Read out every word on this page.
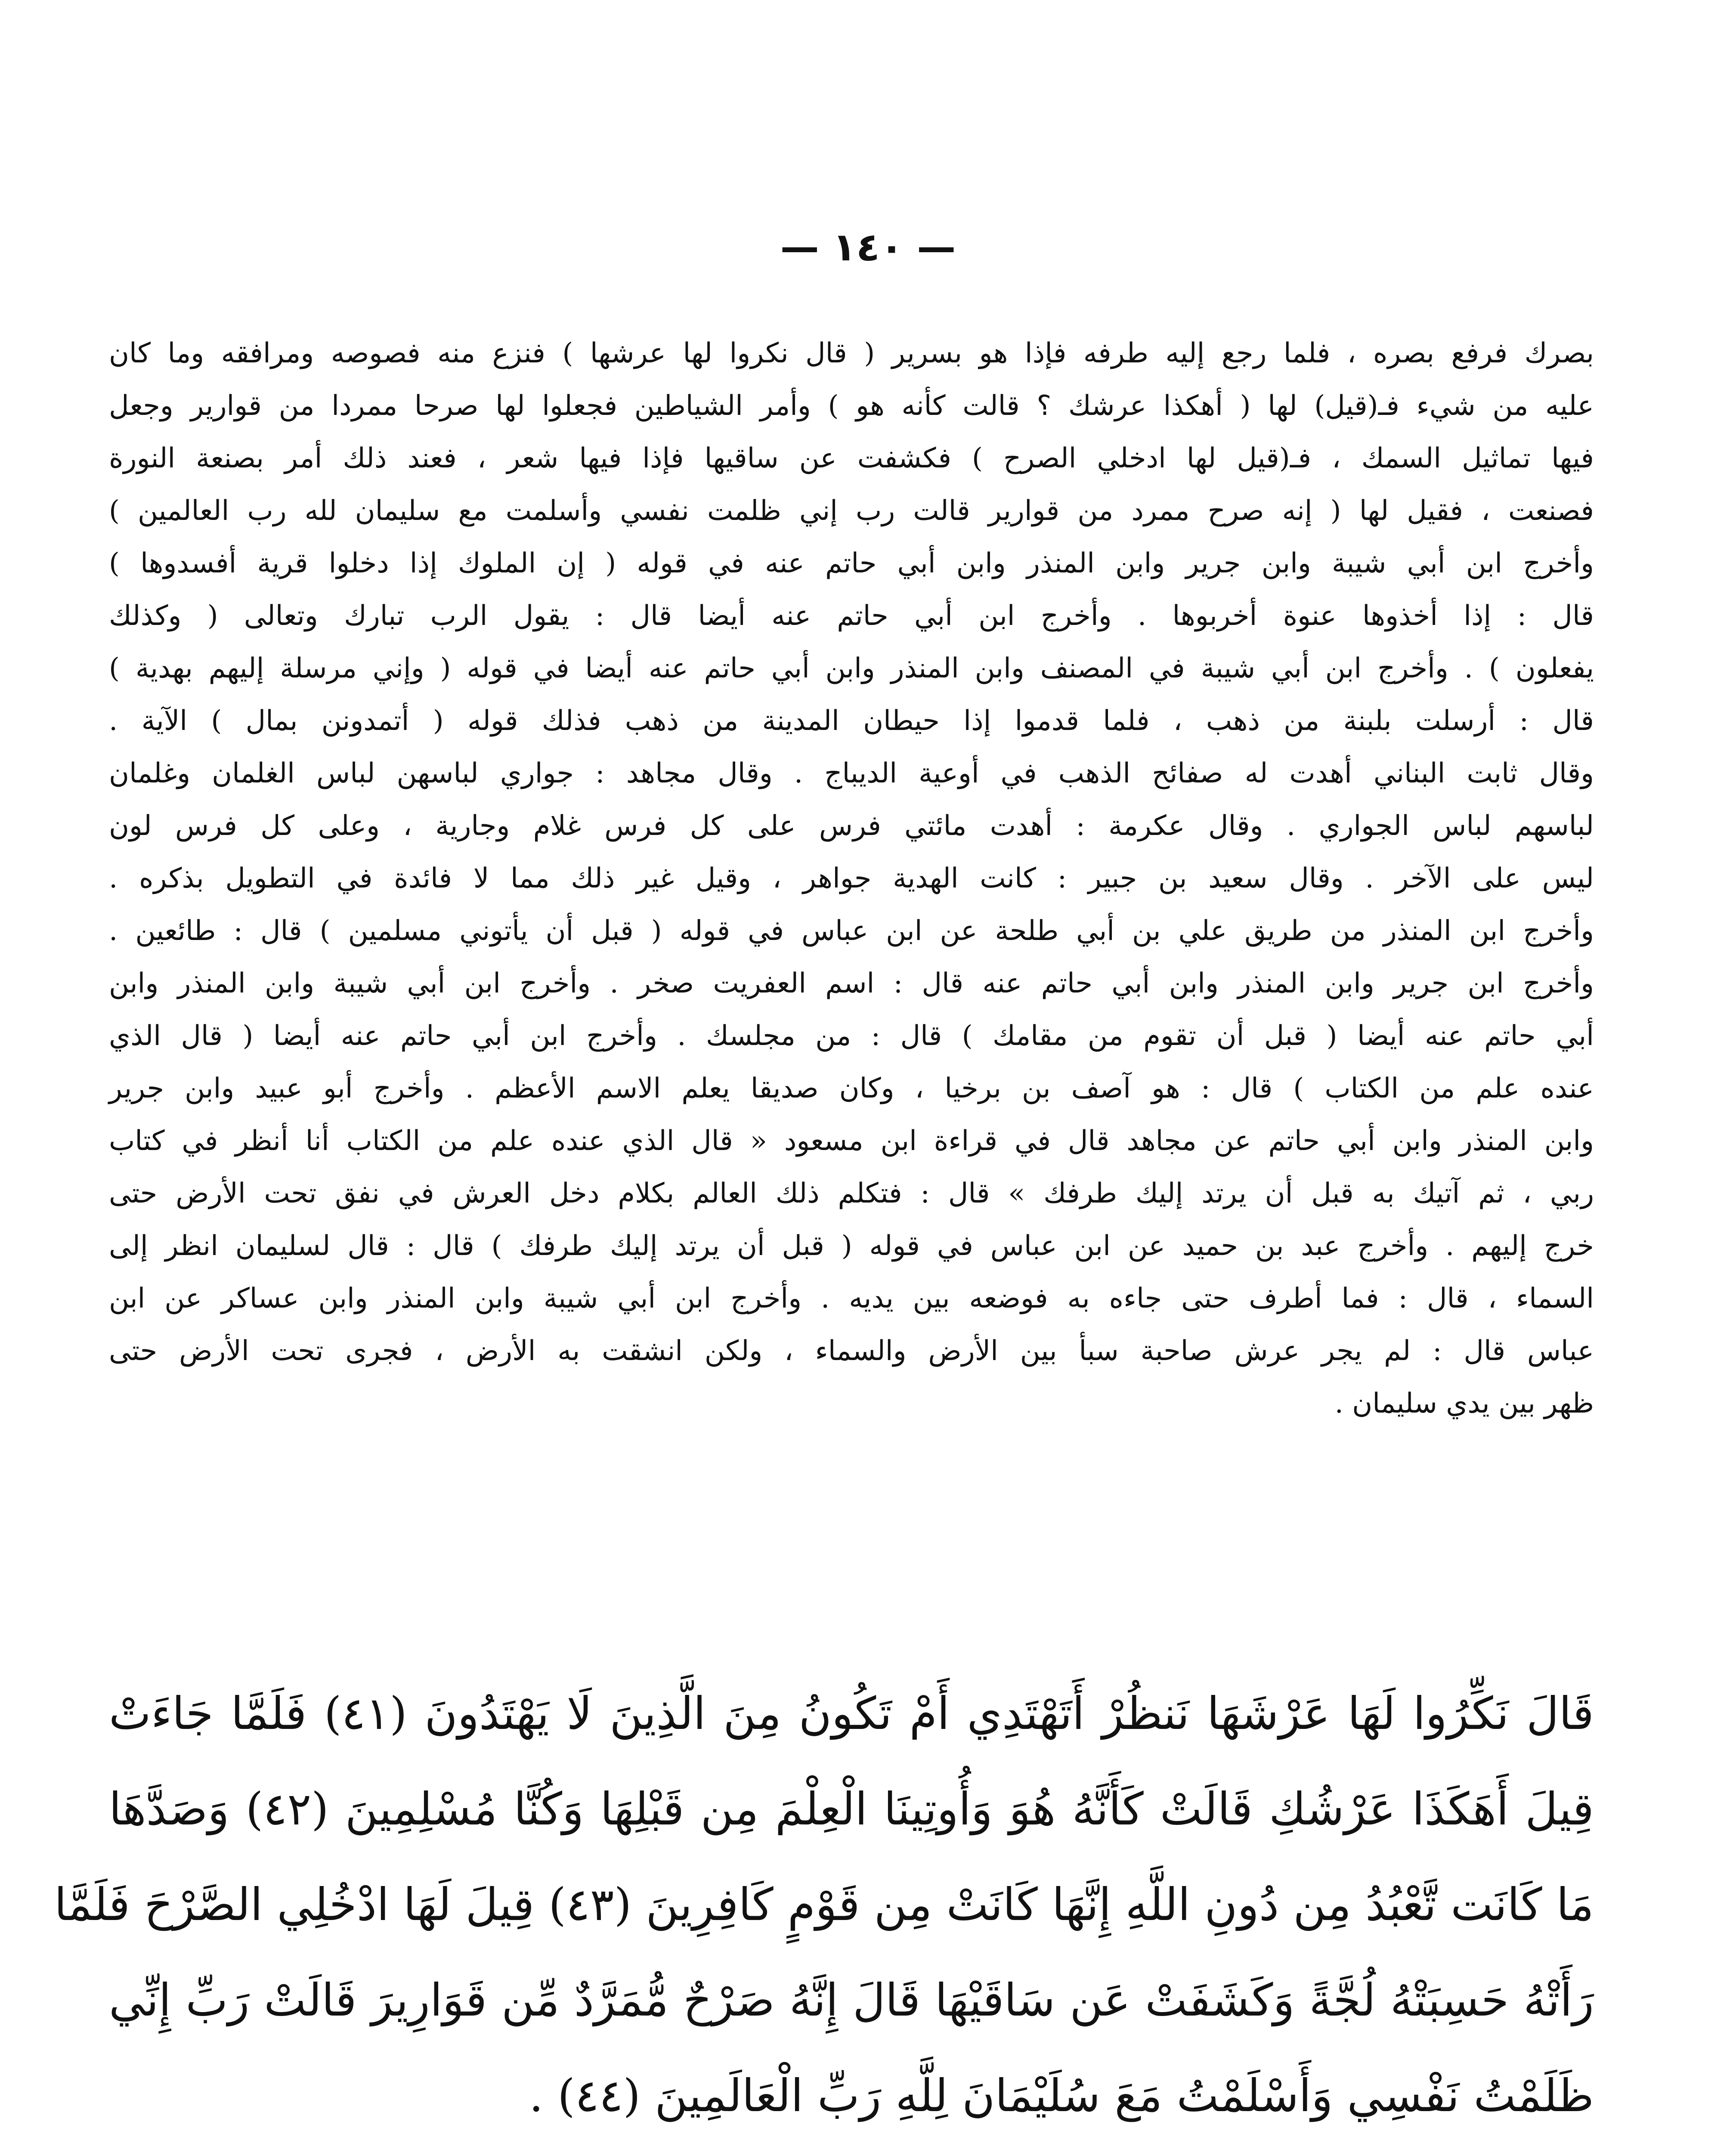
— ١٤٠ —
بصرك فرفع بصره ، فلما رجع إليه طرفه فإذا هو بسرير ( قال نكروا لها عرشها ) فنزع منه فصوصه ومرافقه وما كان
عليه من شيء فـ(قيل) لها ( أهكذا عرشك ؟ قالت كأنه هو ) وأمر الشياطين فجعلوا لها صرحا ممردا من قوارير وجعل
فيها تماثيل السمك ، فـ(قيل لها ادخلي الصرح ) فكشفت عن ساقيها فإذا فيها شعر ، فعند ذلك أمر بصنعة النورة
فصنعت ، فقيل لها ( إنه صرح ممرد من قوارير قالت رب إني ظلمت نفسي وأسلمت مع سليمان لله رب العالمين )
وأخرج ابن أبي شيبة وابن جرير وابن المنذر وابن أبي حاتم عنه في قوله ( إن الملوك إذا دخلوا قرية أفسدوها )
قال : إذا أخذوها عنوة أخربوها . وأخرج ابن أبي حاتم عنه أيضا قال : يقول الرب تبارك وتعالى ( وكذلك
يفعلون ) . وأخرج ابن أبي شيبة في المصنف وابن المنذر وابن أبي حاتم عنه أيضا في قوله ( وإني مرسلة إليهم بهدية )
قال : أرسلت بلبنة من ذهب ، فلما قدموا إذا حيطان المدينة من ذهب فذلك قوله ( أتمدونن بمال ) الآية .
وقال ثابت البناني أهدت له صفائح الذهب في أوعية الديباج . وقال مجاهد : جواري لباسهن لباس الغلمان وغلمان
لباسهم لباس الجواري . وقال عكرمة : أهدت مائتي فرس على كل فرس غلام وجارية ، وعلى كل فرس لون
ليس على الآخر . وقال سعيد بن جبير : كانت الهدية جواهر ، وقيل غير ذلك مما لا فائدة في التطويل بذكره .
وأخرج ابن المنذر من طريق علي بن أبي طلحة عن ابن عباس في قوله ( قبل أن يأتوني مسلمين ) قال : طائعين .
وأخرج ابن جرير وابن المنذر وابن أبي حاتم عنه قال : اسم العفريت صخر . وأخرج ابن أبي شيبة وابن المنذر وابن
أبي حاتم عنه أيضا ( قبل أن تقوم من مقامك ) قال : من مجلسك . وأخرج ابن أبي حاتم عنه أيضا ( قال الذي
عنده علم من الكتاب ) قال : هو آصف بن برخيا ، وكان صديقا يعلم الاسم الأعظم . وأخرج أبو عبيد وابن جرير
وابن المنذر وابن أبي حاتم عن مجاهد قال في قراءة ابن مسعود « قال الذي عنده علم من الكتاب أنا أنظر في كتاب
ربي ، ثم آتيك به قبل أن يرتد إليك طرفك » قال : فتكلم ذلك العالم بكلام دخل العرش في نفق تحت الأرض حتى
خرج إليهم . وأخرج عبد بن حميد عن ابن عباس في قوله ( قبل أن يرتد إليك طرفك ) قال : قال لسليمان انظر إلى
السماء ، قال : فما أطرف حتى جاءه به فوضعه بين يديه . وأخرج ابن أبي شيبة وابن المنذر وابن عساكر عن ابن
عباس قال : لم يجر عرش صاحبة سبأ بين الأرض والسماء ، ولكن انشقت به الأرض ، فجرى تحت الأرض حتى
ظهر بين يدي سليمان .
قَالَ نَكِّرُوا لَهَا عَرْشَهَا نَنظُرْ أَتَهْتَدِي أَمْ تَكُونُ مِنَ الَّذِينَ لَا يَهْتَدُونَ (٤١) فَلَمَّا جَاءَتْ
قِيلَ أَهَكَذَا عَرْشُكِ قَالَتْ كَأَنَّهُ هُوَ وَأُوتِينَا الْعِلْمَ مِن قَبْلِهَا وَكُنَّا مُسْلِمِينَ (٤٢) وَصَدَّهَا
مَا كَانَت تَّعْبُدُ مِن دُونِ اللَّهِ إِنَّهَا كَانَتْ مِن قَوْمٍ كَافِرِينَ (٤٣) قِيلَ لَهَا ادْخُلِي الصَّرْحَ فَلَمَّا
رَأَتْهُ حَسِبَتْهُ لُجَّةً وَكَشَفَتْ عَن سَاقَيْهَا قَالَ إِنَّهُ صَرْحٌ مُّمَرَّدٌ مِّن قَوَارِيرَ قَالَتْ رَبِّ إِنِّي
ظَلَمْتُ نَفْسِي وَأَسْلَمْتُ مَعَ سُلَيْمَانَ لِلَّهِ رَبِّ الْعَالَمِينَ (٤٤) .
